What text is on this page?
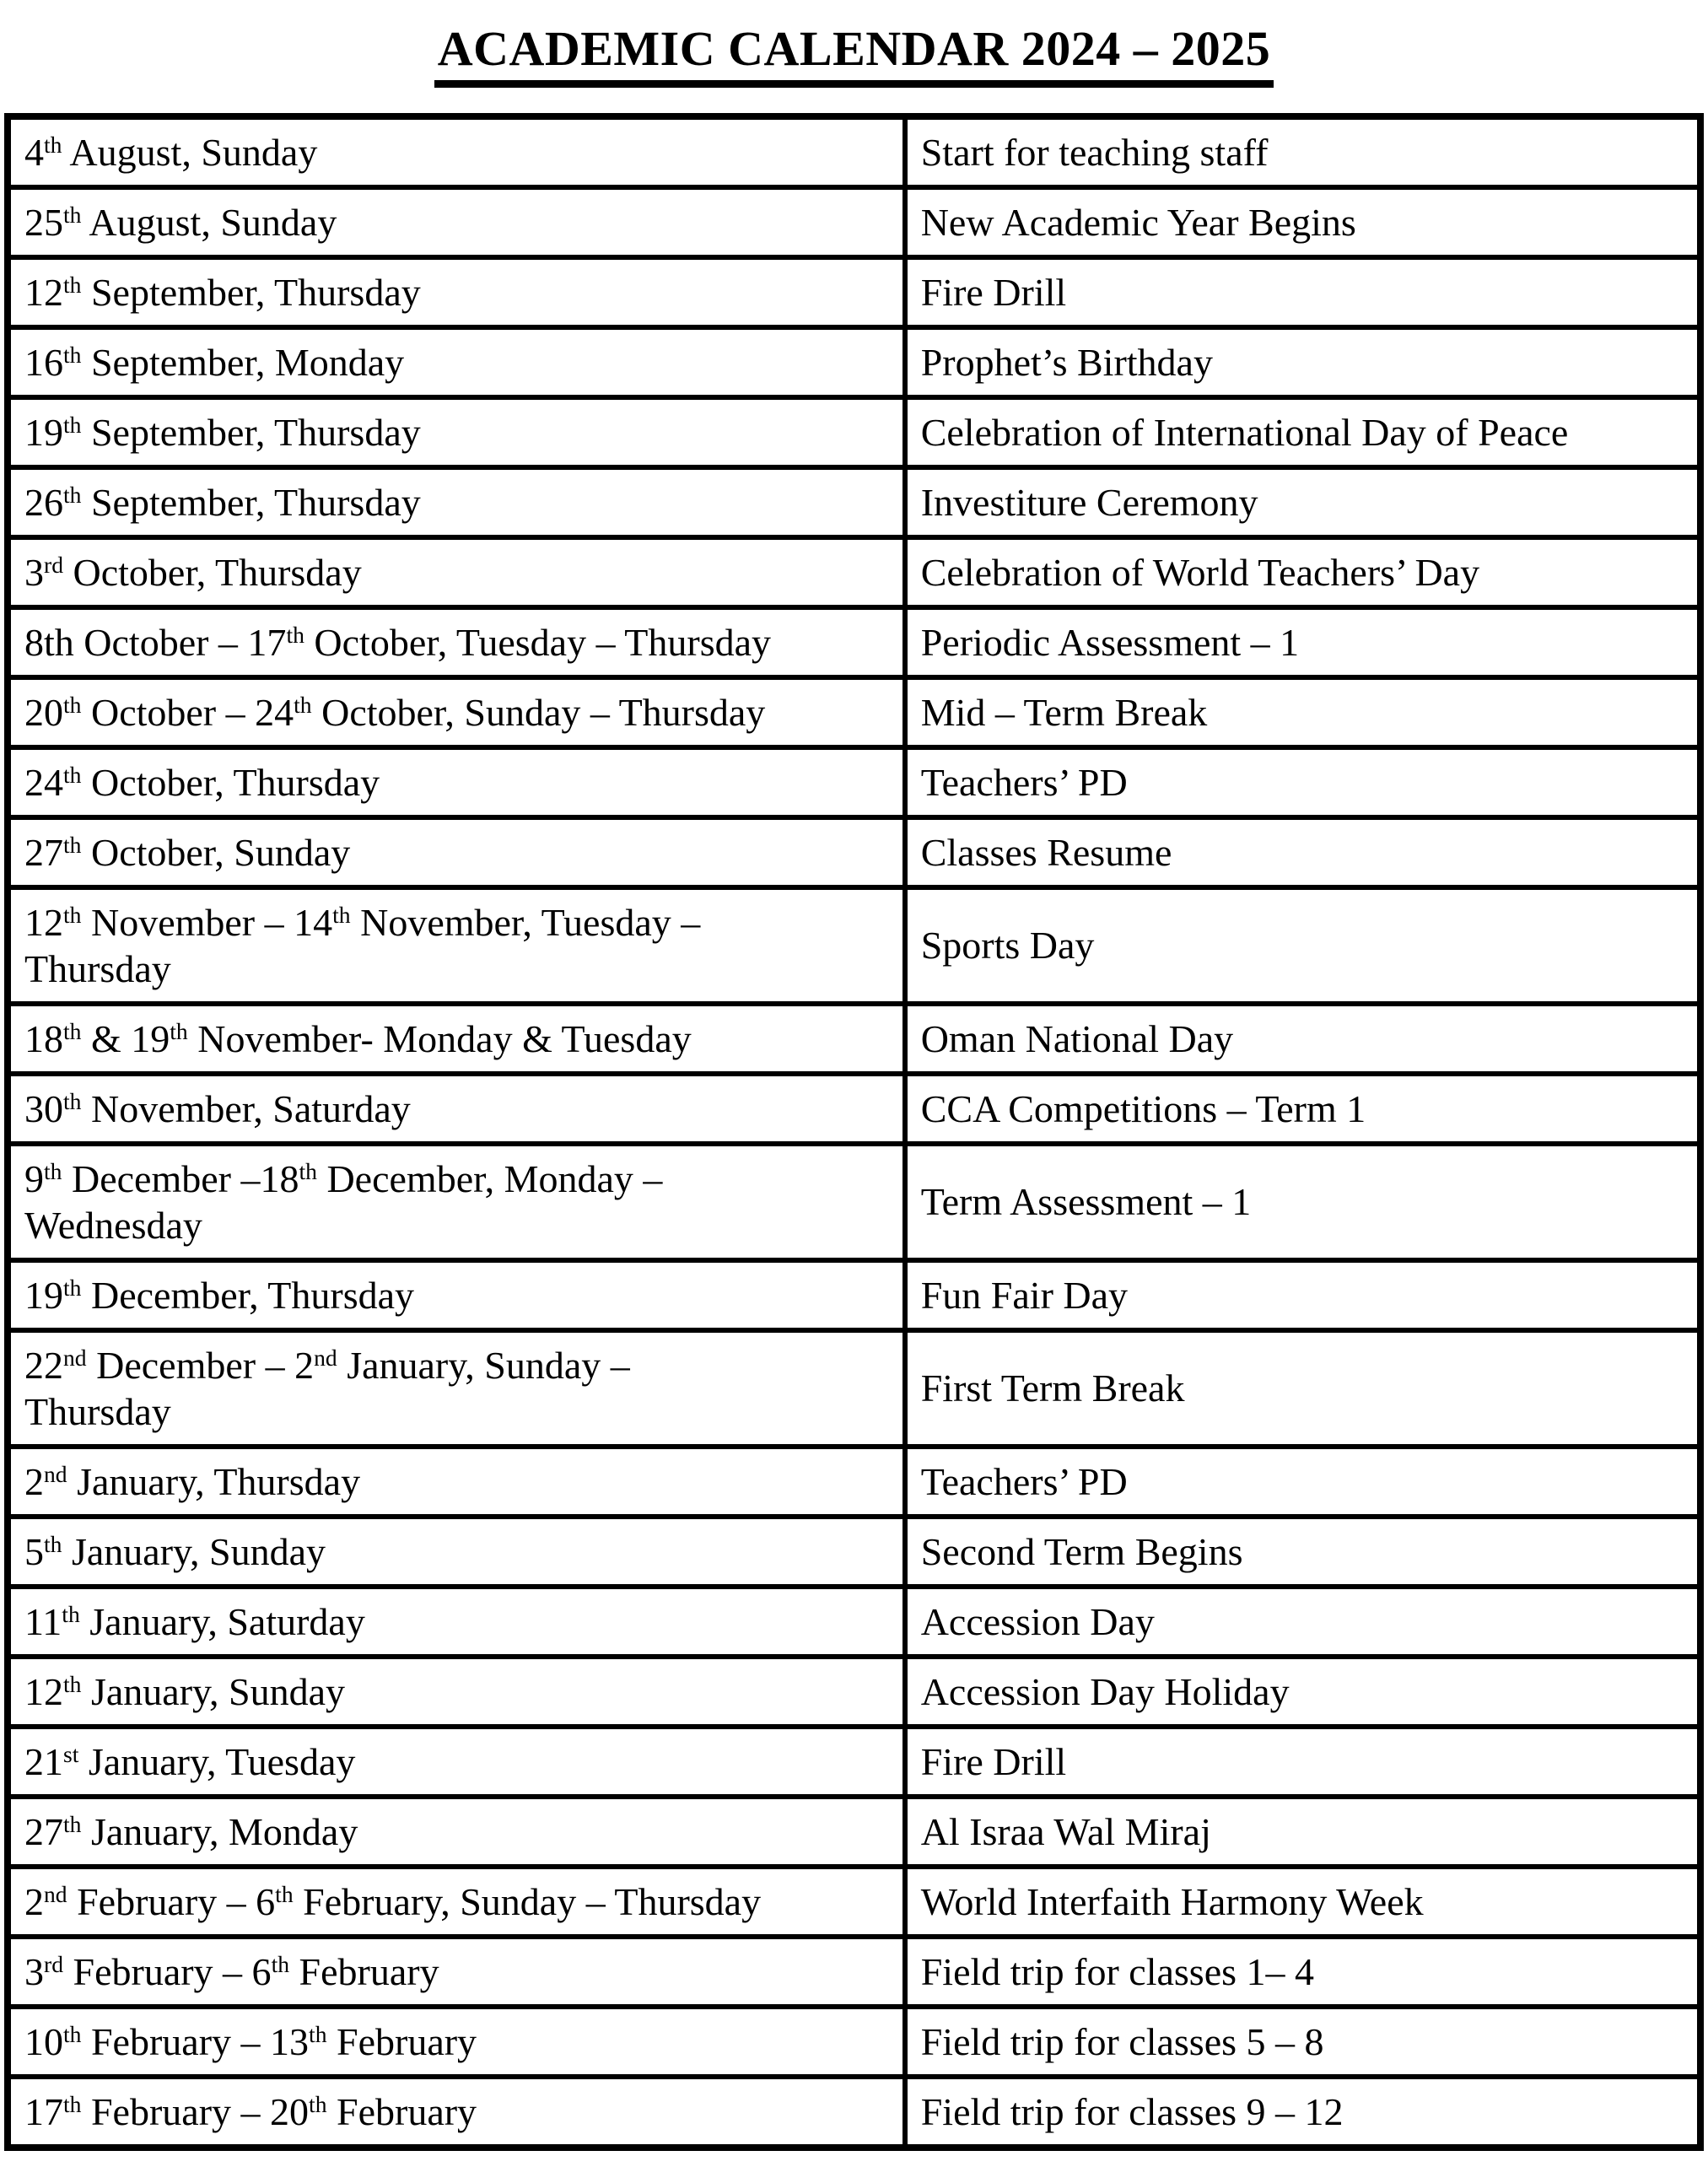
ACADEMIC CALENDAR 2024 – 2025
4th August, Sunday	Start for teaching staff
25th August, Sunday	New Academic Year Begins
12th September, Thursday	Fire Drill
16th September, Monday	Prophet’s Birthday
19th September, Thursday	Celebration of International Day of Peace
26th September, Thursday	Investiture Ceremony
3rd October, Thursday	Celebration of World Teachers’ Day
8th October – 17th October, Tuesday – Thursday	Periodic Assessment – 1
20th October – 24th October, Sunday – Thursday	Mid – Term Break
24th October, Thursday	Teachers’ PD
27th October, Sunday	Classes Resume
12th November – 14th November, Tuesday –
Thursday	Sports Day
18th & 19th November- Monday & Tuesday	Oman National Day
30th November, Saturday	CCA Competitions – Term 1
9th December –18th December, Monday –
Wednesday	Term Assessment – 1
19th December, Thursday	Fun Fair Day
22nd December – 2nd January, Sunday –
Thursday	First Term Break
2nd January, Thursday	Teachers’ PD
5th January, Sunday	Second Term Begins
11th January, Saturday	Accession Day
12th January, Sunday	Accession Day Holiday
21st January, Tuesday	Fire Drill
27th January, Monday	Al Israa Wal Miraj
2nd February – 6th February, Sunday – Thursday	World Interfaith Harmony Week
3rd February – 6th February	Field trip for classes 1– 4
10th February – 13th February	Field trip for classes 5 – 8
17th February – 20th February	Field trip for classes 9 – 12
